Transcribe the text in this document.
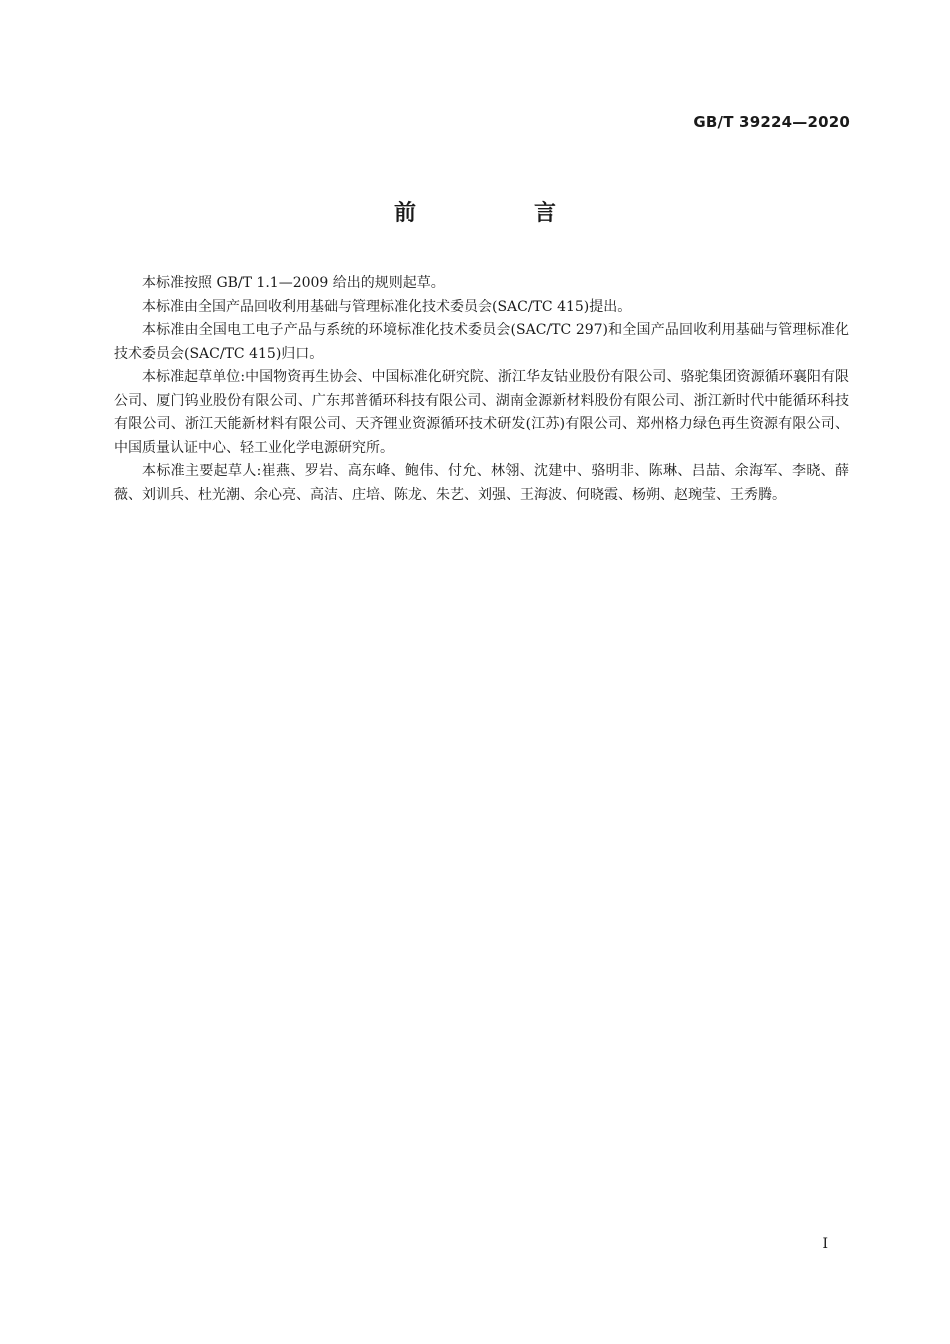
GB/T 39224—2020
前　言

本标准按照 GB/T 1.1—2009 给出的规则起草。

本标准由全国产品回收利用基础与管理标准化技术委员会(SAC/TC 415)提出。

本标准由全国电工电子产品与系统的环境标准化技术委员会(SAC/TC 297)和全国产品回收利用基础与管理标准化技术委员会(SAC/TC 415)归口。

本标准起草单位:中国物资再生协会、中国标准化研究院、浙江华友钴业股份有限公司、骆驼集团资源循环襄阳有限公司、厦门钨业股份有限公司、广东邦普循环科技有限公司、湖南金源新材料股份有限公司、浙江新时代中能循环科技有限公司、浙江天能新材料有限公司、天齐锂业资源循环技术研发(江苏)有限公司、郑州格力绿色再生资源有限公司、中国质量认证中心、轻工业化学电源研究所。

本标准主要起草人:崔燕、罗岩、高东峰、鲍伟、付允、林翎、沈建中、骆明非、陈琳、吕喆、余海军、李晓、薛薇、刘训兵、杜光潮、余心亮、高洁、庄培、陈龙、朱艺、刘强、王海波、何晓霞、杨朔、赵琬莹、王秀腾。

I
